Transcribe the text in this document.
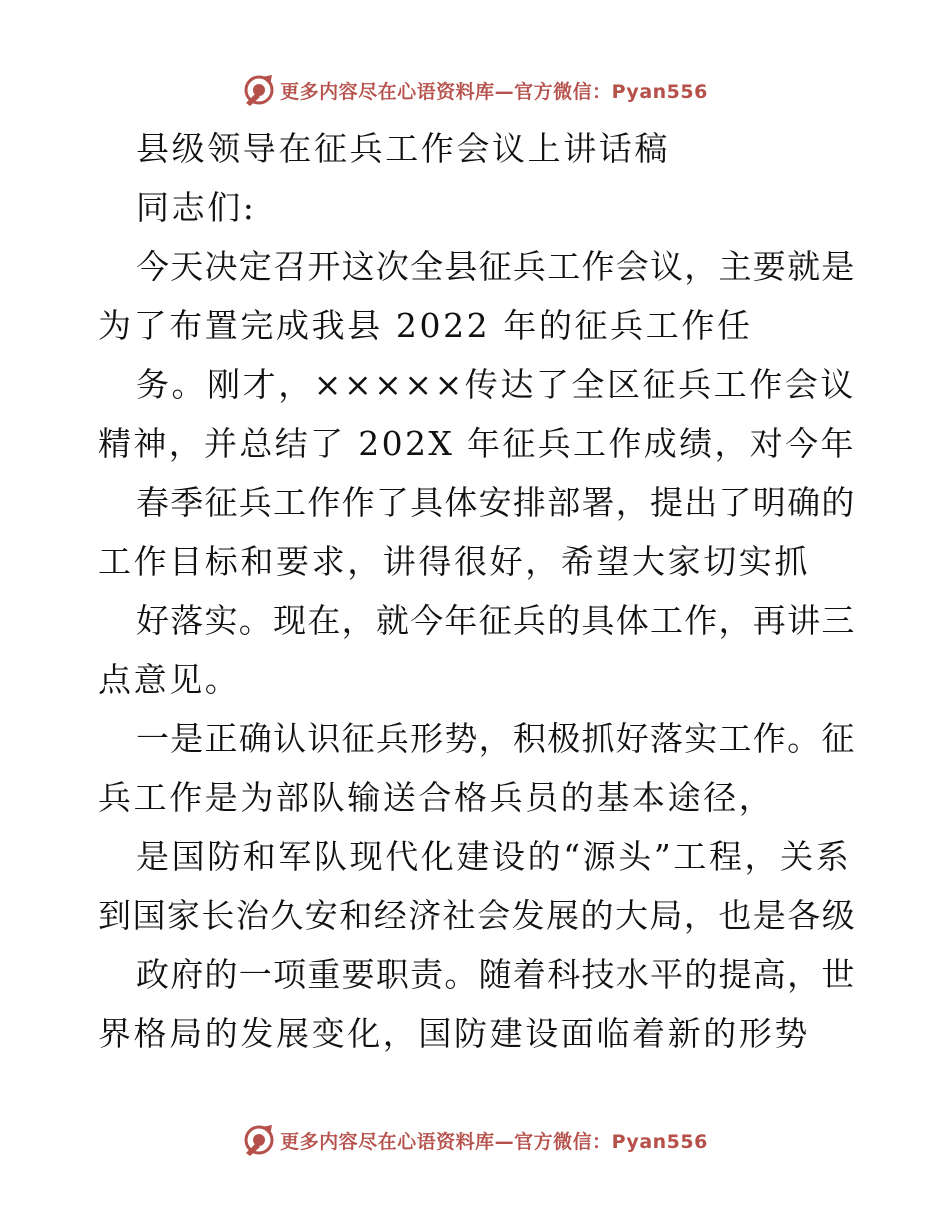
更多内容尽在心语资料库—官方微信：Pyan556
县级领导在征兵工作会议上讲话稿
同志们:
今天决定召开这次全县征兵工作会议，主要就是
为了布置完成我县 2022 年的征兵工作任
务。刚才，×××××传达了全区征兵工作会议
精神，并总结了 202X 年征兵工作成绩，对今年
春季征兵工作作了具体安排部署，提出了明确的
工作目标和要求，讲得很好，希望大家切实抓
好落实。现在，就今年征兵的具体工作，再讲三
点意见。
一是正确认识征兵形势，积极抓好落实工作。征
兵工作是为部队输送合格兵员的基本途径，
是国防和军队现代化建设的“源头”工程，关系
到国家长治久安和经济社会发展的大局，也是各级
政府的一项重要职责。随着科技水平的提高，世
界格局的发展变化，国防建设面临着新的形势
更多内容尽在心语资料库—官方微信：Pyan556
